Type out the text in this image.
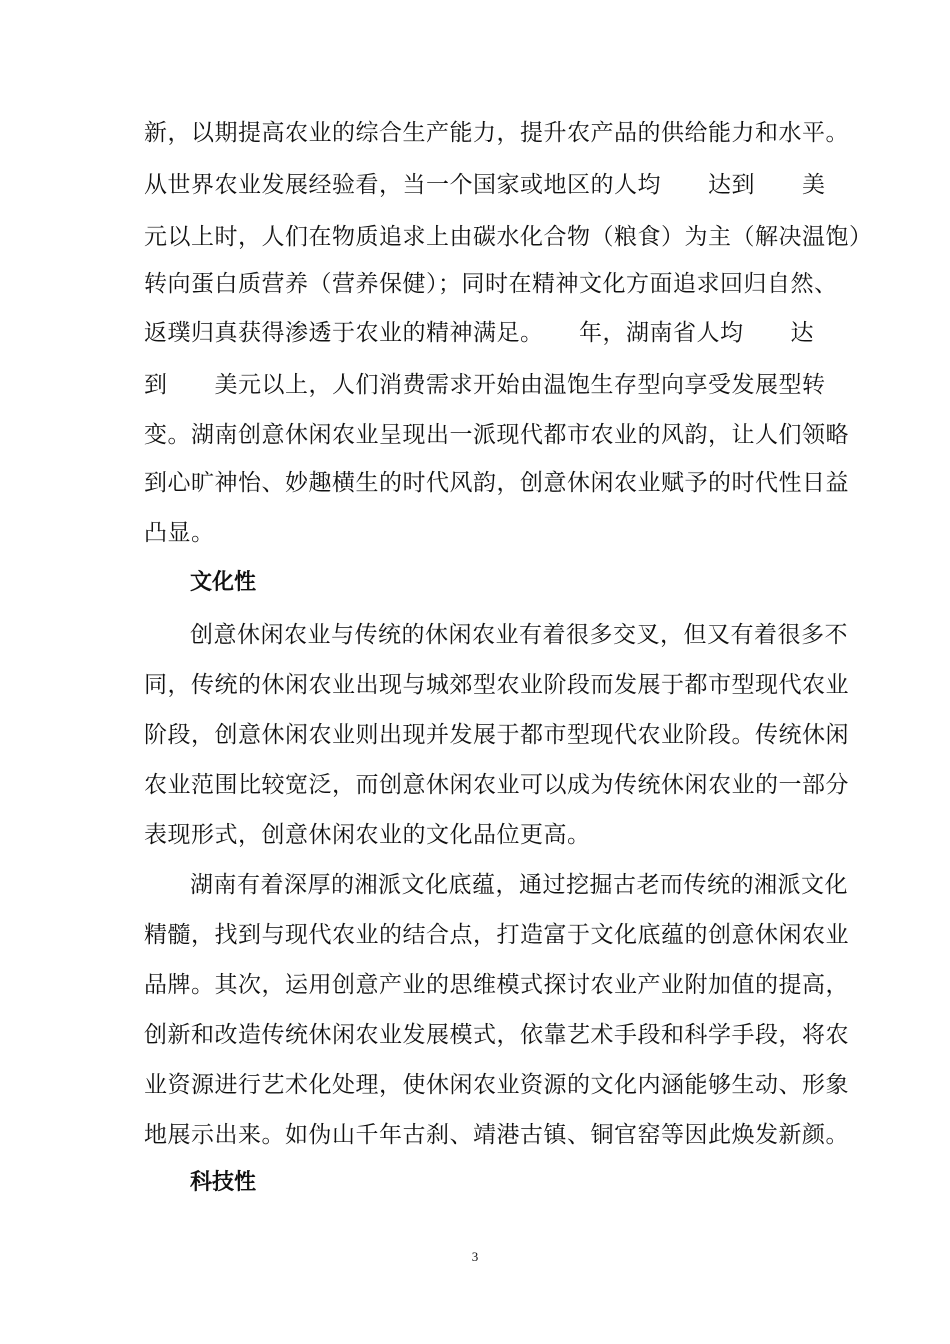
新，以期提高农业的综合生产能力，提升农产品的供给能力和水平。
从世界农业发展经验看，当一个国家或地区的人均　　达到　　美
元以上时，人们在物质追求上由碳水化合物（粮食）为主（解决温饱）
转向蛋白质营养（营养保健）；同时在精神文化方面追求回归自然、
返璞归真获得渗透于农业的精神满足。　　年，湖南省人均　　达
到　　美元以上，人们消费需求开始由温饱生存型向享受发展型转
变。湖南创意休闲农业呈现出一派现代都市农业的风韵，让人们领略
到心旷神怡、妙趣横生的时代风韵，创意休闲农业赋予的时代性日益
凸显。
文化性
创意休闲农业与传统的休闲农业有着很多交叉，但又有着很多不
同，传统的休闲农业出现与城郊型农业阶段而发展于都市型现代农业
阶段，创意休闲农业则出现并发展于都市型现代农业阶段。传统休闲
农业范围比较宽泛，而创意休闲农业可以成为传统休闲农业的一部分
表现形式，创意休闲农业的文化品位更高。
湖南有着深厚的湘派文化底蕴，通过挖掘古老而传统的湘派文化
精髓，找到与现代农业的结合点，打造富于文化底蕴的创意休闲农业
品牌。其次，运用创意产业的思维模式探讨农业产业附加值的提高，
创新和改造传统休闲农业发展模式，依靠艺术手段和科学手段，将农
业资源进行艺术化处理，使休闲农业资源的文化内涵能够生动、形象
地展示出来。如伪山千年古刹、靖港古镇、铜官窑等因此焕发新颜。
科技性
3
